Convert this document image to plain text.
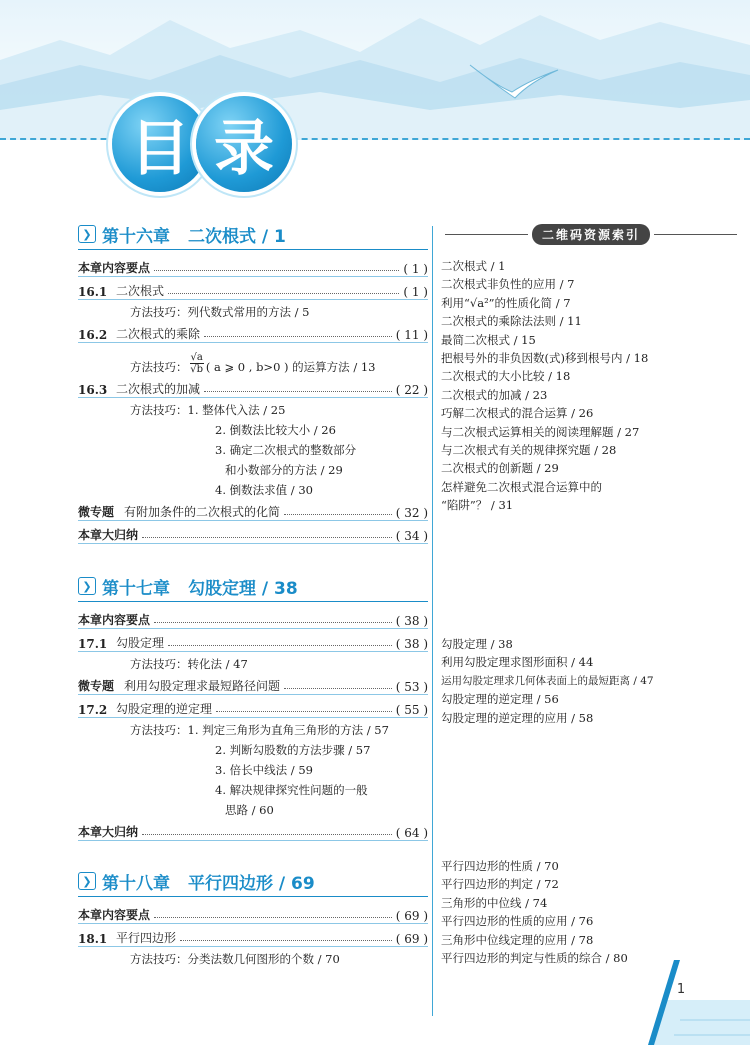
目 录
❯ 第十六章 二次根式 / 1
本章内容要点	( 1 )
16.1 二次根式	( 1 )
方法技巧：列代数式常用的方法 / 5
16.2 二次根式的乘除	( 11 )
方法技巧： $\frac{√a}{√b}$ ( a ⩾ 0 , b>0 ) 的运算方法 / 13
16.3 二次根式的加减	( 22 )
方法技巧：1. 整体代入法 / 25
2. 倒数法比较大小 / 26
3. 确定二次根式的整数部分
和小数部分的方法 / 29
4. 倒数法求值 / 30
微专题 有附加条件的二次根式的化简	( 32 )
本章大归纳	( 34 )
❯ 第十七章 勾股定理 / 38
本章内容要点	( 38 )
17.1 勾股定理	( 38 )
方法技巧：转化法 / 47
微专题 利用勾股定理求最短路径问题	( 53 )
17.2 勾股定理的逆定理	( 55 )
方法技巧：1. 判定三角形为直角三角形的方法 / 57
2. 判断勾股数的方法步骤 / 57
3. 倍长中线法 / 59
4. 解决规律探究性问题的一般
思路 / 60
本章大归纳	( 64 )
❯ 第十八章 平行四边形 / 69
本章内容要点	( 69 )
18.1 平行四边形	( 69 )
方法技巧：分类法数几何图形的个数 / 70
二维码资源索引
二次根式 / 1
二次根式非负性的应用 / 7
利用“√a²”的性质化简 / 7
二次根式的乘除法法则 / 11
最简二次根式 / 15
把根号外的非负因数(式)移到根号内 / 18
二次根式的大小比较 / 18
二次根式的加减 / 23
巧解二次根式的混合运算 / 26
与二次根式运算相关的阅读理解题 / 27
与二次根式有关的规律探究题 / 28
二次根式的创新题 / 29
怎样避免二次根式混合运算中的
“陷阱”？ / 31
勾股定理 / 38
利用勾股定理求图形面积 / 44
运用勾股定理求几何体表面上的最短距离 / 47
勾股定理的逆定理 / 56
勾股定理的逆定理的应用 / 58
平行四边形的性质 / 70
平行四边形的判定 / 72
三角形的中位线 / 74
平行四边形的性质的应用 / 76
三角形中位线定理的应用 / 78
平行四边形的判定与性质的综合 / 80
1
